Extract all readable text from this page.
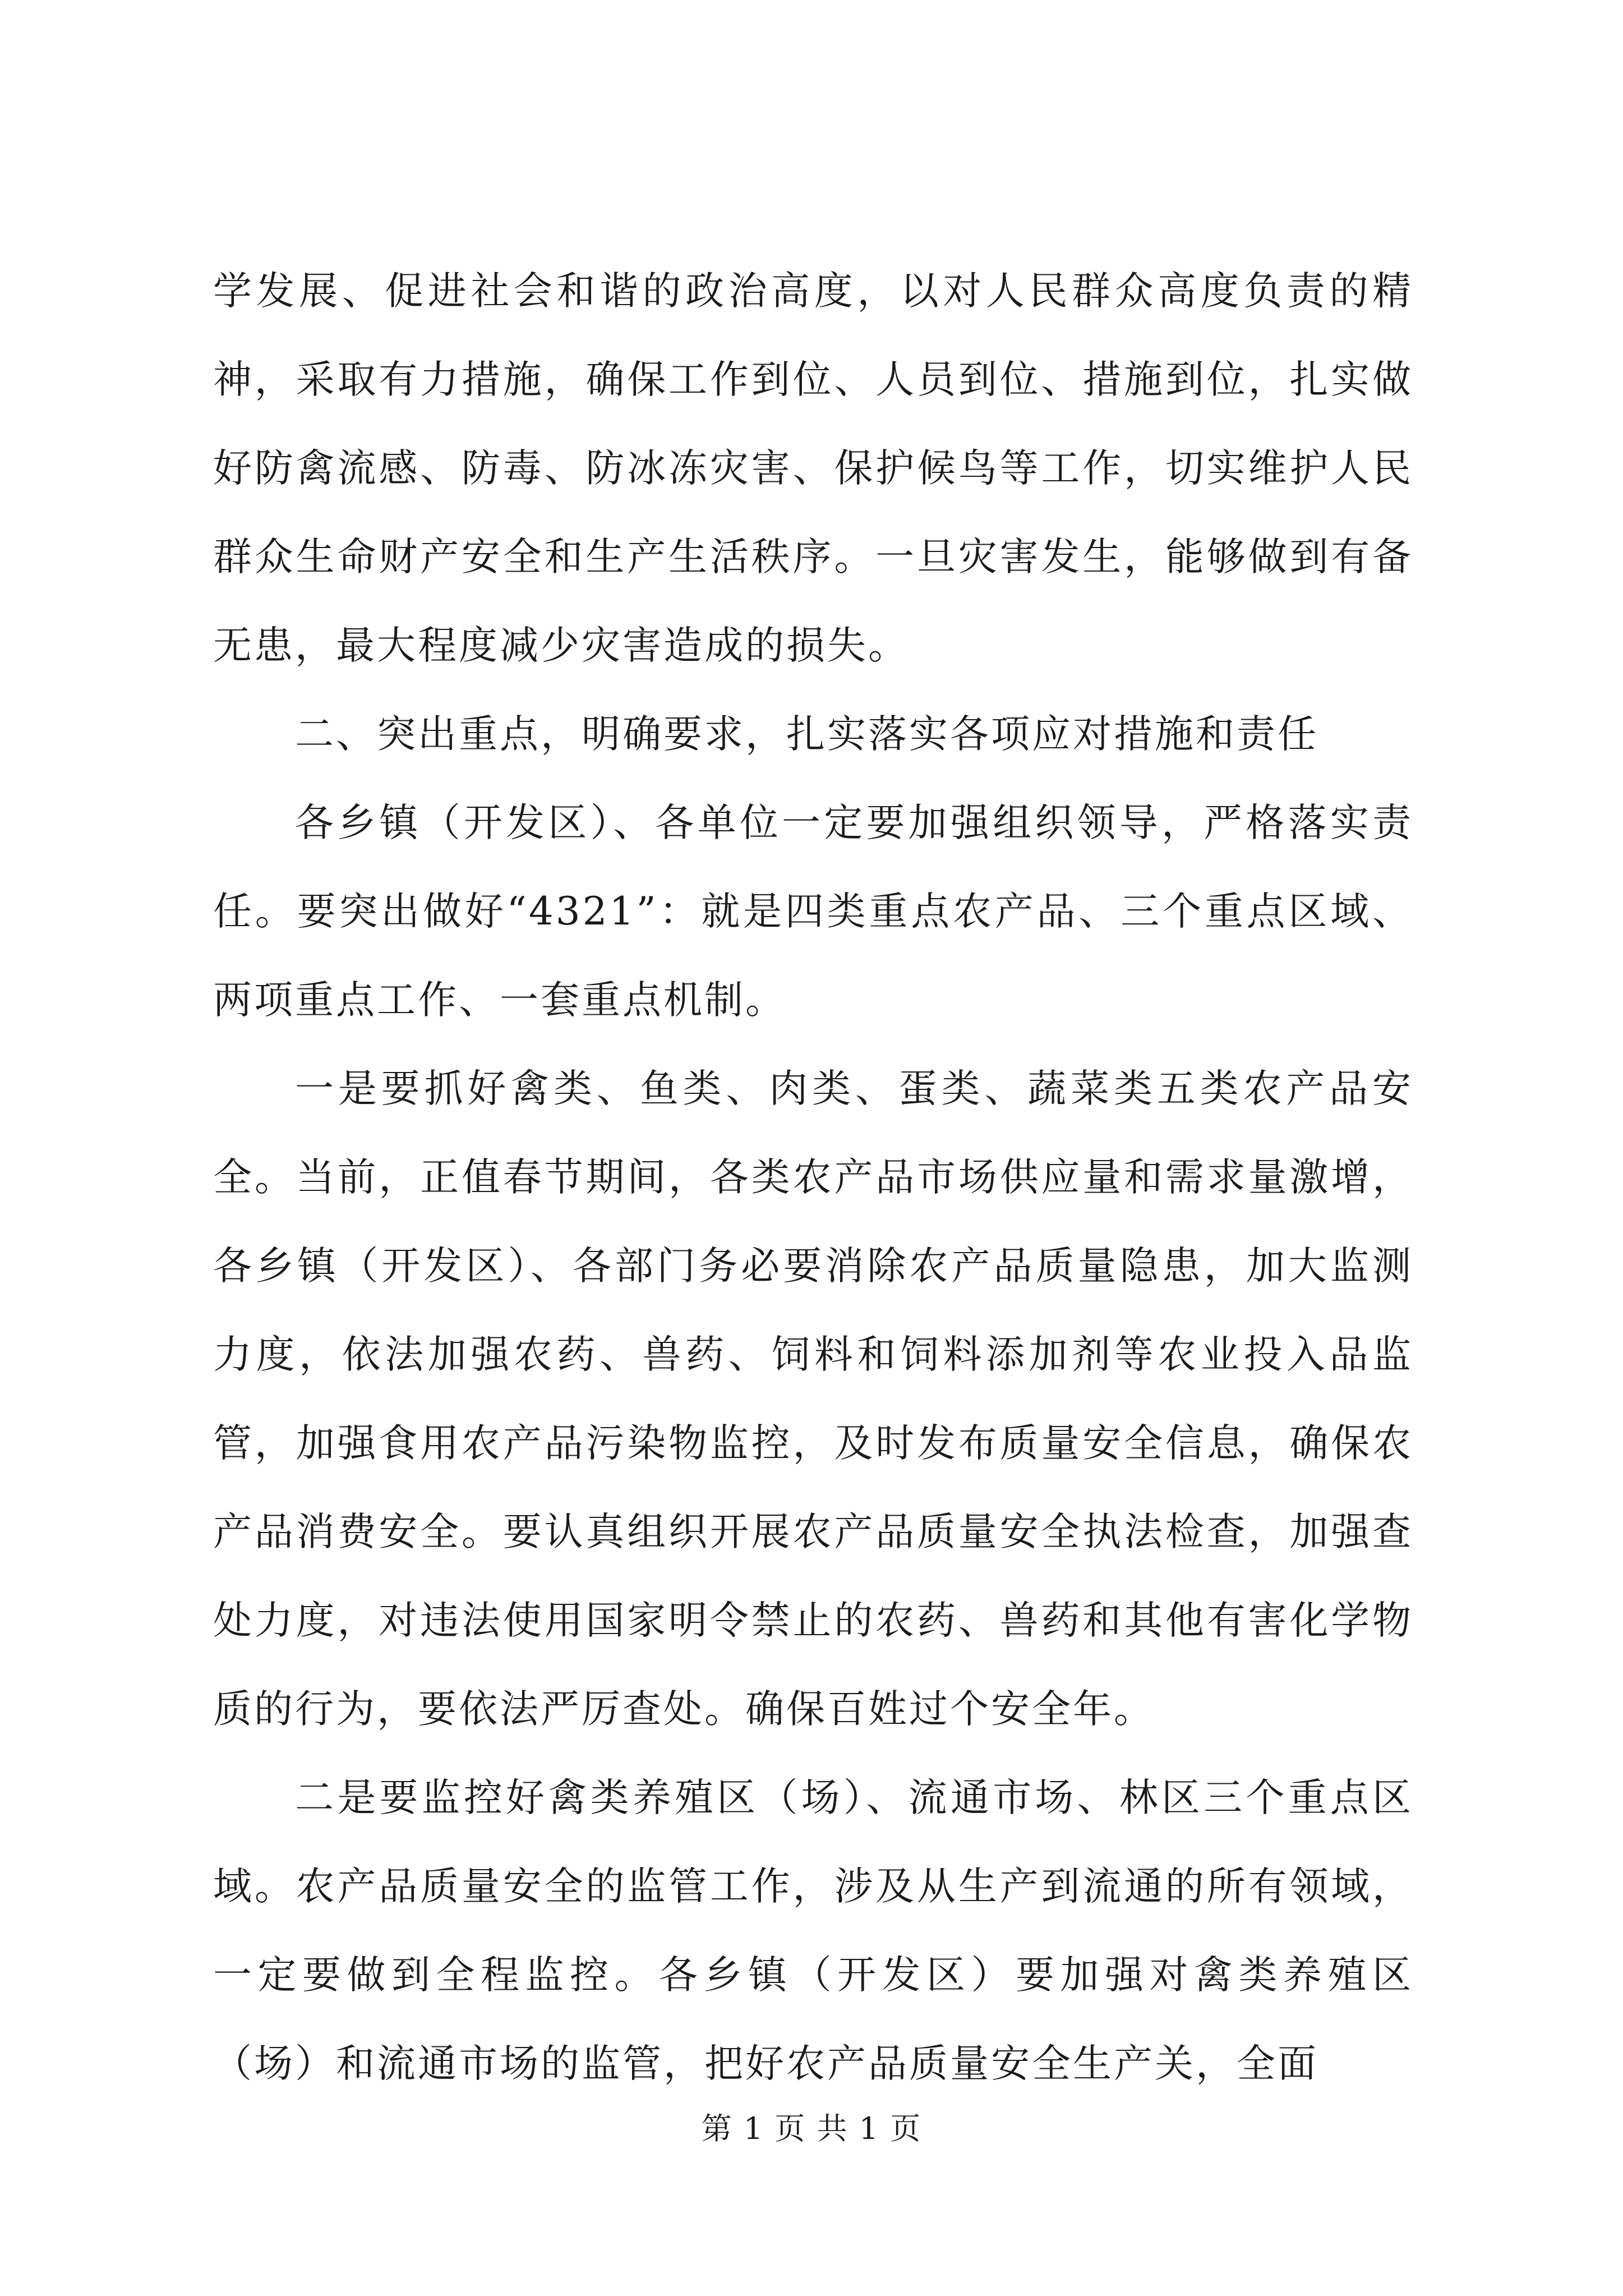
学发展、促进社会和谐的政治高度，以对人民群众高度负责的精神，采取有力措施，确保工作到位、人员到位、措施到位，扎实做好防禽流感、防毒、防冰冻灾害、保护候鸟等工作，切实维护人民群众生命财产安全和生产生活秩序。一旦灾害发生，能够做到有备无患，最大程度减少灾害造成的损失。

二、突出重点，明确要求，扎实落实各项应对措施和责任

各乡镇（开发区）、各单位一定要加强组织领导，严格落实责任。要突出做好“4321”：就是四类重点农产品、三个重点区域、两项重点工作、一套重点机制。

一是要抓好禽类、鱼类、肉类、蛋类、蔬菜类五类农产品安全。当前，正值春节期间，各类农产品市场供应量和需求量激增，各乡镇（开发区）、各部门务必要消除农产品质量隐患，加大监测力度，依法加强农药、兽药、饲料和饲料添加剂等农业投入品监管，加强食用农产品污染物监控，及时发布质量安全信息，确保农产品消费安全。要认真组织开展农产品质量安全执法检查，加强查处力度，对违法使用国家明令禁止的农药、兽药和其他有害化学物质的行为，要依法严厉查处。确保百姓过个安全年。

二是要监控好禽类养殖区（场）、流通市场、林区三个重点区域。农产品质量安全的监管工作，涉及从生产到流通的所有领域，一定要做到全程监控。各乡镇（开发区）要加强对禽类养殖区（场）和流通市场的监管，把好农产品质量安全生产关，全面

第 1 页 共 1 页
